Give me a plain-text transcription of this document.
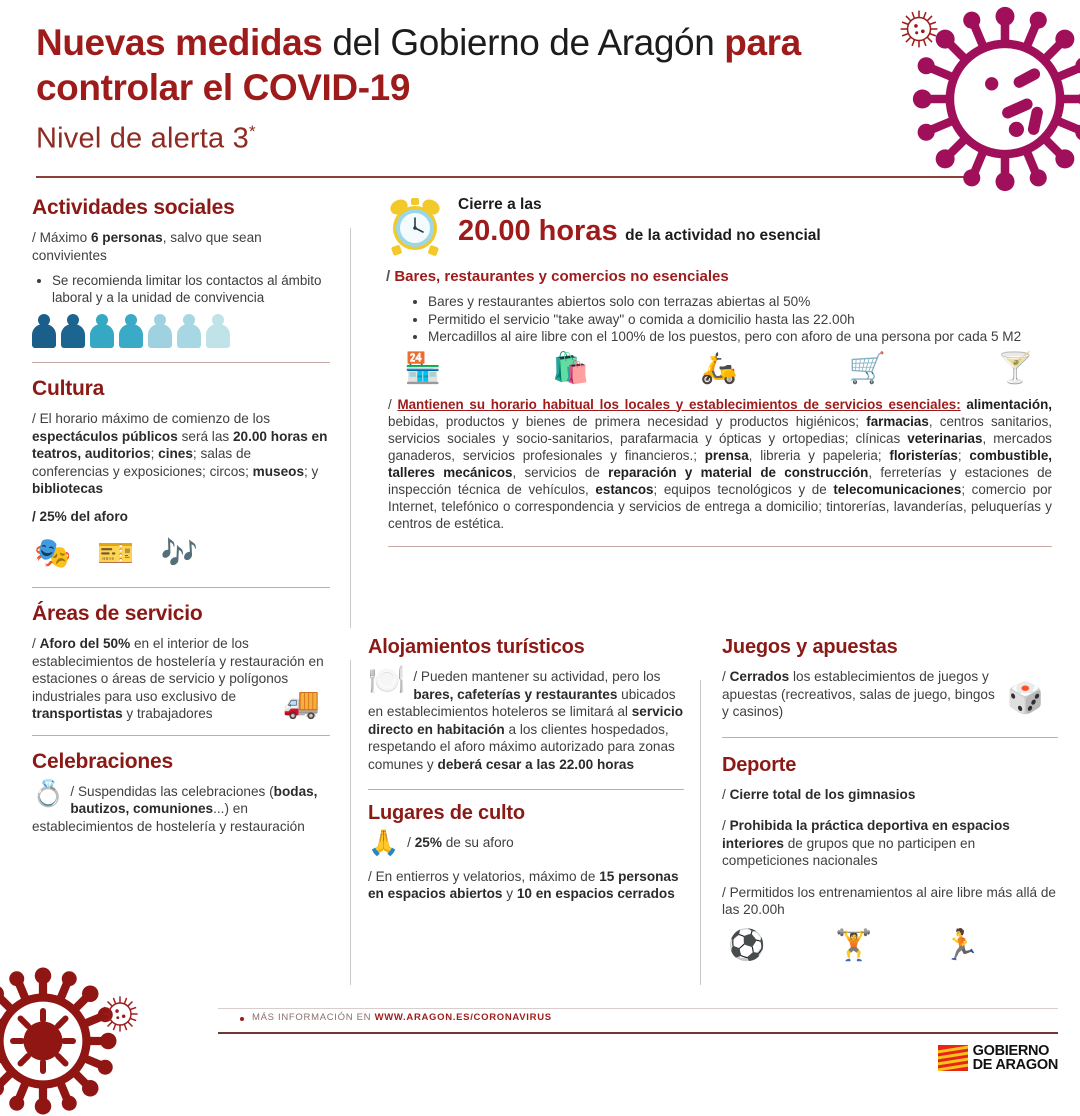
Nuevas medidas del Gobierno de Aragón para controlar el COVID-19
Nivel de alerta 3*
Actividades sociales

/ Máximo 6 personas, salvo que sean convivientes

• Se recomienda limitar los contactos al ámbito laboral y a la unidad de convivencia
Cultura

/ El horario máximo de comienzo de los espectáculos públicos será las 20.00 horas en teatros, auditorios; cines; salas de conferencias y exposiciones; circos; museos; y bibliotecas

/ 25% del aforo

🎭 🎫 🎶
Áreas de servicio

/ Aforo del 50% en el interior de los establecimientos de hostelería y restauración en estaciones o áreas de servicio y polígonos industriales para uso exclusivo de transportistas y trabajadores	🚚
Celebraciones

💍 / Suspendidas las celebraciones (bodas, bautizos, comuniones...) en establecimientos de hostelería y restauración

Cierre a las
20.00 horas de la actividad no esencial
/ Bares, restaurantes y comercios no esenciales
• Bares y restaurantes abiertos solo con terrazas abiertas al 50%
• Permitido el servicio "take away" o comida a domicilio hasta las 22.00h
• Mercadillos al aire libre con el 100% de los puestos, pero con aforo de una persona por cada 5 M2
🏪	🛍️	🛵	🛒	🍸

/ Mantienen su horario habitual los locales y establecimientos de servicios esenciales: alimentación, bebidas, productos y bienes de primera necesidad y productos higiénicos; farmacias, centros sanitarios, servicios sociales y socio-sanitarios, parafarmacia y ópticas y ortopedias; clínicas veterinarias, mercados ganaderos, servicios profesionales y financieros.; prensa, libreria y papeleria; floristerías; combustible, talleres mecánicos, servicios de reparación y material de construcción, ferreterías y estaciones de inspección técnica de vehículos, estancos; equipos tecnológicos y de telecomunicaciones; comercio por Internet, telefónico o correspondencia y servicios de entrega a domicilio; tintorerías, lavanderías, peluquerías y centros de estética.

Alojamientos turísticos

🍽️ / Pueden mantener su actividad, pero los bares, cafeterías y restaurantes ubicados en establecimientos hoteleros se limitará al servicio directo en habitación a los clientes hospedados, respetando el aforo máximo autorizado para zonas comunes y deberá cesar a las 22.00 horas

Lugares de culto

🙏 / 25% de su aforo

/ En entierros y velatorios, máximo de 15 personas en espacios abiertos y 10 en espacios cerrados

Juegos y apuestas

/ Cerrados los establecimientos de juegos y apuestas (recreativos, salas de juego, bingos y casinos)	🎲
Deporte

/ Cierre total de los gimnasios

/ Prohibida la práctica deportiva en espacios interiores de grupos que no participen en competiciones nacionales

/ Permitidos los entrenamientos al aire libre más allá de las 20.00h

⚽ 🏋️ 🏃
MÁS INFORMACIÓN EN WWW.ARAGON.ES/CORONAVIRUS
GOBIERNO
DE ARAGON
